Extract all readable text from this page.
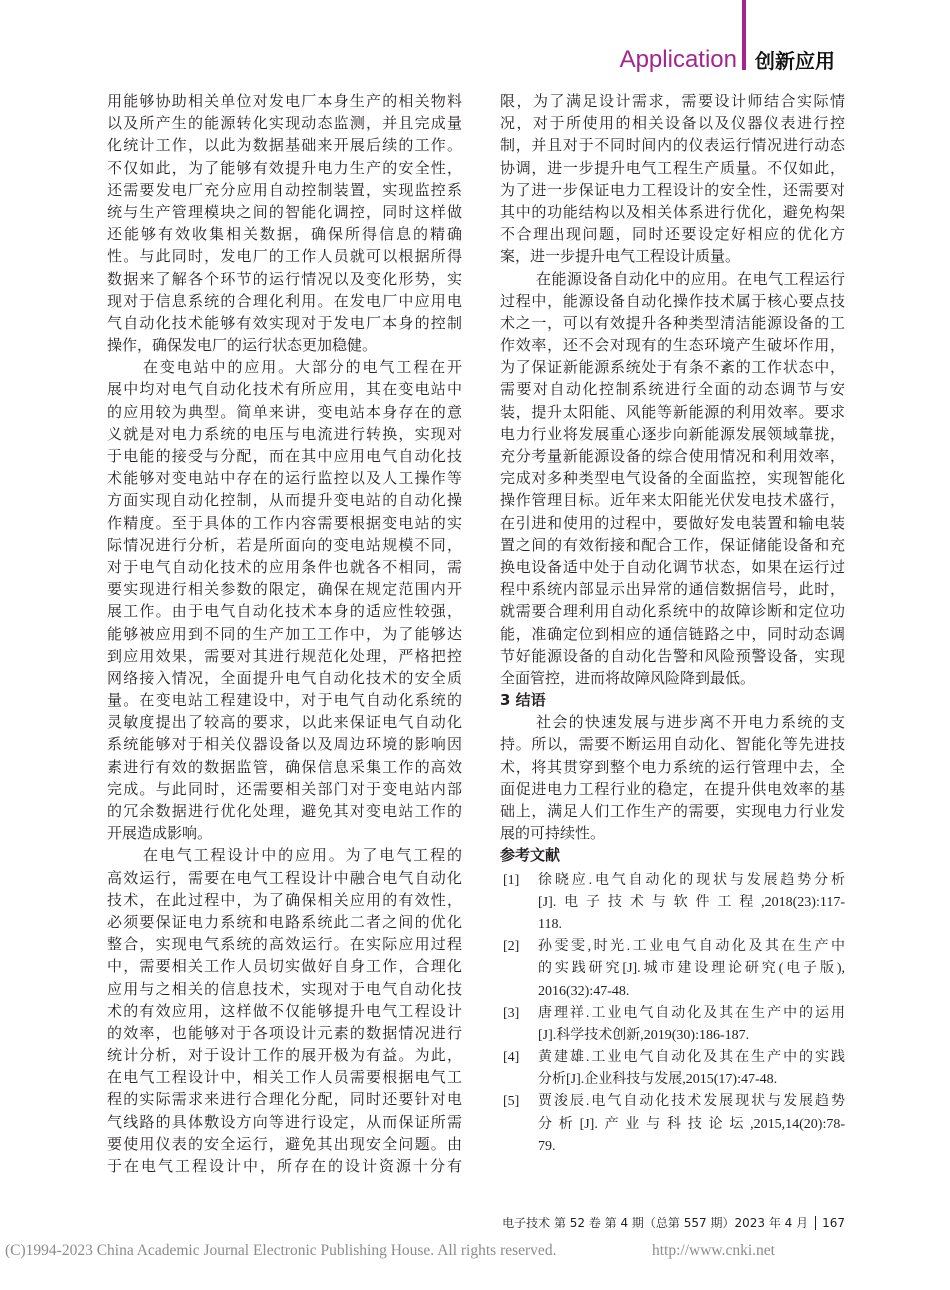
Application 创新应用
用能够协助相关单位对发电厂本身生产的相关物料
以及所产生的能源转化实现动态监测，并且完成量
化统计工作，以此为数据基础来开展后续的工作。
不仅如此，为了能够有效提升电力生产的安全性，
还需要发电厂充分应用自动控制装置，实现监控系
统与生产管理模块之间的智能化调控，同时这样做
还能够有效收集相关数据，确保所得信息的精确
性。与此同时，发电厂的工作人员就可以根据所得
数据来了解各个环节的运行情况以及变化形势，实
现对于信息系统的合理化利用。在发电厂中应用电
气自动化技术能够有效实现对于发电厂本身的控制
操作，确保发电厂的运行状态更加稳健。
在变电站中的应用。大部分的电气工程在开
展中均对电气自动化技术有所应用，其在变电站中
的应用较为典型。简单来讲，变电站本身存在的意
义就是对电力系统的电压与电流进行转换，实现对
于电能的接受与分配，而在其中应用电气自动化技
术能够对变电站中存在的运行监控以及人工操作等
方面实现自动化控制，从而提升变电站的自动化操
作精度。至于具体的工作内容需要根据变电站的实
际情况进行分析，若是所面向的变电站规模不同，
对于电气自动化技术的应用条件也就各不相同，需
要实现进行相关参数的限定，确保在规定范围内开
展工作。由于电气自动化技术本身的适应性较强，
能够被应用到不同的生产加工工作中，为了能够达
到应用效果，需要对其进行规范化处理，严格把控
网络接入情况，全面提升电气自动化技术的安全质
量。在变电站工程建设中，对于电气自动化系统的
灵敏度提出了较高的要求，以此来保证电气自动化
系统能够对于相关仪器设备以及周边环境的影响因
素进行有效的数据监管，确保信息采集工作的高效
完成。与此同时，还需要相关部门对于变电站内部
的冗余数据进行优化处理，避免其对变电站工作的
开展造成影响。
在电气工程设计中的应用。为了电气工程的
高效运行，需要在电气工程设计中融合电气自动化
技术，在此过程中，为了确保相关应用的有效性，
必须要保证电力系统和电路系统此二者之间的优化
整合，实现电气系统的高效运行。在实际应用过程
中，需要相关工作人员切实做好自身工作，合理化
应用与之相关的信息技术，实现对于电气自动化技
术的有效应用，这样做不仅能够提升电气工程设计
的效率，也能够对于各项设计元素的数据情况进行
统计分析，对于设计工作的展开极为有益。为此，
在电气工程设计中，相关工作人员需要根据电气工
程的实际需求来进行合理化分配，同时还要针对电
气线路的具体敷设方向等进行设定，从而保证所需
要使用仪表的安全运行，避免其出现安全问题。由
于在电气工程设计中，所存在的设计资源十分有
限，为了满足设计需求，需要设计师结合实际情
况，对于所使用的相关设备以及仪器仪表进行控
制，并且对于不同时间内的仪表运行情况进行动态
协调，进一步提升电气工程生产质量。不仅如此，
为了进一步保证电力工程设计的安全性，还需要对
其中的功能结构以及相关体系进行优化，避免构架
不合理出现问题，同时还要设定好相应的优化方
案，进一步提升电气工程设计质量。
在能源设备自动化中的应用。在电气工程运行
过程中，能源设备自动化操作技术属于核心要点技
术之一，可以有效提升各种类型清洁能源设备的工
作效率，还不会对现有的生态环境产生破坏作用，
为了保证新能源系统处于有条不紊的工作状态中，
需要对自动化控制系统进行全面的动态调节与安
装，提升太阳能、风能等新能源的利用效率。要求
电力行业将发展重心逐步向新能源发展领域靠拢，
充分考量新能源设备的综合使用情况和利用效率，
完成对多种类型电气设备的全面监控，实现智能化
操作管理目标。近年来太阳能光伏发电技术盛行，
在引进和使用的过程中，要做好发电装置和输电装
置之间的有效衔接和配合工作，保证储能设备和充
换电设备适中处于自动化调节状态，如果在运行过
程中系统内部显示出异常的通信数据信号，此时，
就需要合理利用自动化系统中的故障诊断和定位功
能，准确定位到相应的通信链路之中，同时动态调
节好能源设备的自动化告警和风险预警设备，实现
全面管控，进而将故障风险降到最低。
3 结语
社会的快速发展与进步离不开电力系统的支
持。所以，需要不断运用自动化、智能化等先进技
术，将其贯穿到整个电力系统的运行管理中去，全
面促进电力工程行业的稳定，在提升供电效率的基
础上，满足人们工作生产的需要，实现电力行业发
展的可持续性。
参考文献
[1] 徐晓应.电气自动化的现状与发展趋势分析
[J].电子技术与软件工程,2018(23):117-
118.
[2] 孙雯雯,时光.工业电气自动化及其在生产中
的实践研究[J].城市建设理论研究(电子版),
2016(32):47-48.
[3] 唐理祥.工业电气自动化及其在生产中的运用
[J].科学技术创新,2019(30):186-187.
[4] 黄建雄.工业电气自动化及其在生产中的实践
分析[J].企业科技与发展,2015(17):47-48.
[5] 贾浚辰.电气自动化技术发展现状与发展趋势
分析[J].产业与科技论坛,2015,14(20):78-
79.
电子技术 第 52 卷 第 4 期（总第 557 期）2023 年 4 月 167
(C)1994-2023 China Academic Journal Electronic Publishing House. All rights reserved.	http://www.cnki.net
